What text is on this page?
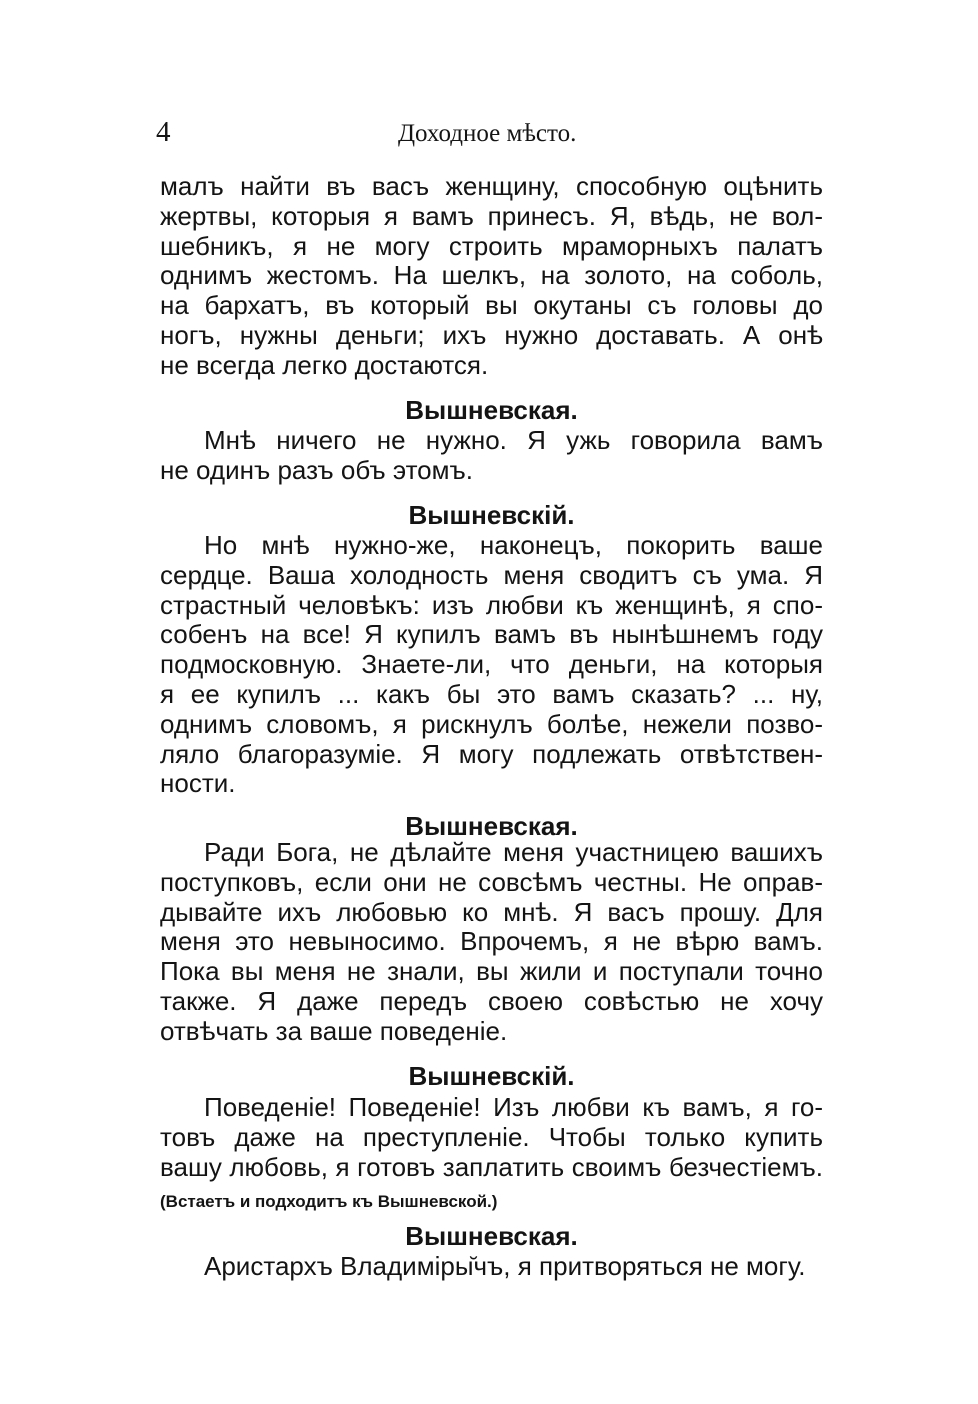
4	Доходное мѣсто.
малъ найти въ васъ женщину, способную оцѣнить
жертвы, которыя я вамъ принесъ. Я, вѣдь, не вол-
шебникъ, я не могу строить мраморныхъ палатъ
однимъ жестомъ. На шелкъ, на золото, на соболь,
на бархатъ, въ который вы окутаны съ головы до
ногъ, нужны деньги; ихъ нужно доставать. А онѣ
не всегда легко достаются.
Вышневская.
Мнѣ ничего не нужно. Я ужь говорила вамъ
не одинъ разъ объ этомъ.
Вышневскій.
Но мнѣ нужно-же, наконецъ, покорить ваше
сердце. Ваша холодность меня сводитъ съ ума. Я
страстный человѣкъ: изъ любви къ женщинѣ, я спо-
собенъ на все! Я купилъ вамъ въ нынѣшнемъ году
подмосковную. Знаете-ли, что деньги, на которыя
я ее купилъ ... какъ бы это вамъ сказать? ... ну,
однимъ словомъ, я рискнулъ болѣе, нежели позво-
ляло благоразуміе. Я могу подлежать отвѣтствен-
ности.
Вышневская.
Ради Бога, не дѣлайте меня участницею вашихъ
поступковъ, если они не совсѣмъ честны. Не оправ-
дывайте ихъ любовью ко мнѣ. Я васъ прошу. Для
меня это невыносимо. Впрочемъ, я не вѣрю вамъ.
Пока вы меня не знали, вы жили и поступали точно
также. Я даже передъ своею совѣстью не хочу
отвѣчать за ваше поведеніе.
Вышневскій.
Поведеніе! Поведеніе! Изъ любви къ вамъ, я го-
товъ даже на преступленіе. Чтобы только купить
вашу любовь, я готовъ заплатить своимъ безчестіемъ.
(Встаетъ и подходитъ къ Вышневской.)
Вышневская.
Аристархъ Владиміры̆чъ, я притворяться не могу.
